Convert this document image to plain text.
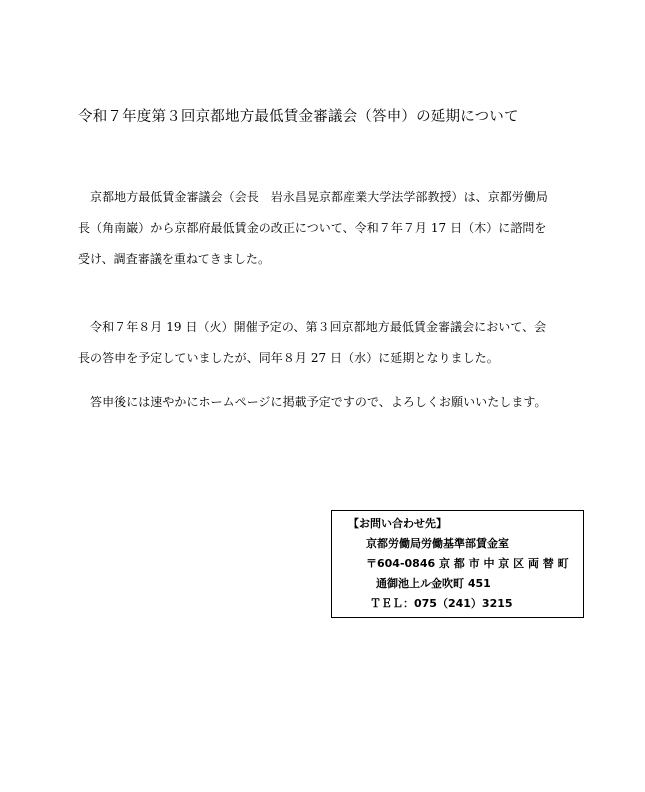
令和７年度第３回京都地方最低賃金審議会（答申）の延期について
　京都地方最低賃金審議会（会長　岩永昌晃京都産業大学法学部教授）は、京都労働局
長（角南巌）から京都府最低賃金の改正について、令和７年７月 17 日（木）に諮問を
受け、調査審議を重ねてきました。
　令和７年８月 19 日（火）開催予定の、第３回京都地方最低賃金審議会において、会
長の答申を予定していましたが、同年８月 27 日（水）に延期となりました。
　答申後には速やかにホームページに掲載予定ですので、よろしくお願いいたします。
【お問い合わせ先】
京都労働局労働基準部賃金室
〒604-0846 京 都 市 中 京 区 両 替 町
通御池上ル金吹町 451
ＴＥＬ：075（241）3215
